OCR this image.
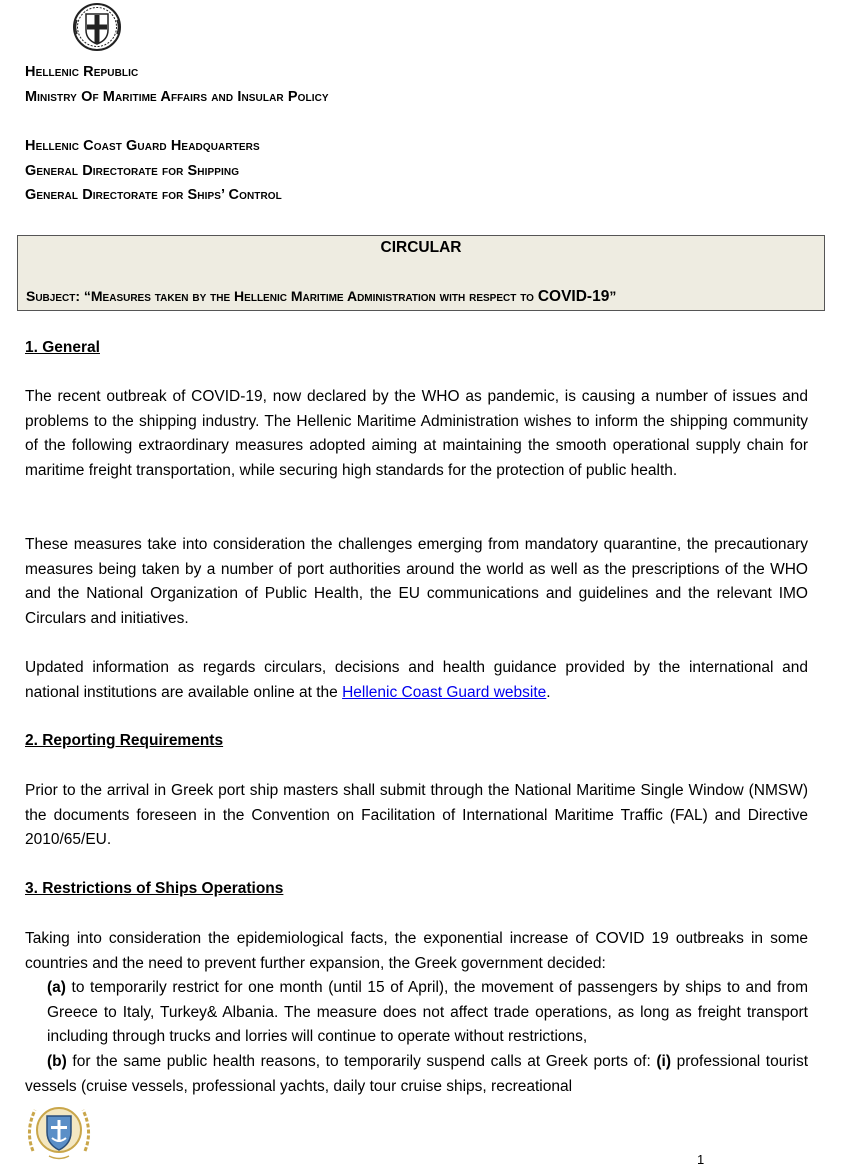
Hellenic Republic
Ministry Of Maritime Affairs and Insular Policy
Hellenic Coast Guard Headquarters
General Directorate for Shipping
General Directorate for Ships’ Control
CIRCULAR
Subject: “Measures taken by the Hellenic Maritime Administration with respect to COVID-19”
1. General
The recent outbreak of COVID-19, now declared by the WHO as pandemic, is causing a number of issues and problems to the shipping industry. The Hellenic Maritime Administration wishes to inform the shipping community of the following extraordinary measures adopted aiming at maintaining the smooth operational supply chain for maritime freight transportation, while securing high standards for the protection of public health.
These measures take into consideration the challenges emerging from mandatory quarantine, the precautionary measures being taken by a number of port authorities around the world as well as the prescriptions of the WHO and the National Organization of Public Health, the EU communications and guidelines and the relevant IMO Circulars and initiatives.
Updated information as regards circulars, decisions and health guidance provided by the international and national institutions are available online at the Hellenic Coast Guard website.
2. Reporting Requirements
Prior to the arrival in Greek port ship masters shall submit through the National Maritime Single Window (NMSW) the documents foreseen in the Convention on Facilitation of International Maritime Traffic (FAL) and Directive 2010/65/EU.
3. Restrictions of Ships Operations
Taking into consideration the epidemiological facts, the exponential increase of COVID 19 outbreaks in some countries and the need to prevent further expansion, the Greek government decided:
(a) to temporarily restrict for one month (until 15 of April), the movement of passengers by ships to and from Greece to Italy, Turkey& Albania. The measure does not affect trade operations, as long as freight transport including through trucks and lorries will continue to operate without restrictions,
(b) for the same public health reasons, to temporarily suspend calls at Greek ports of: (i) professional tourist vessels (cruise vessels, professional yachts, daily tour cruise ships, recreational
1
